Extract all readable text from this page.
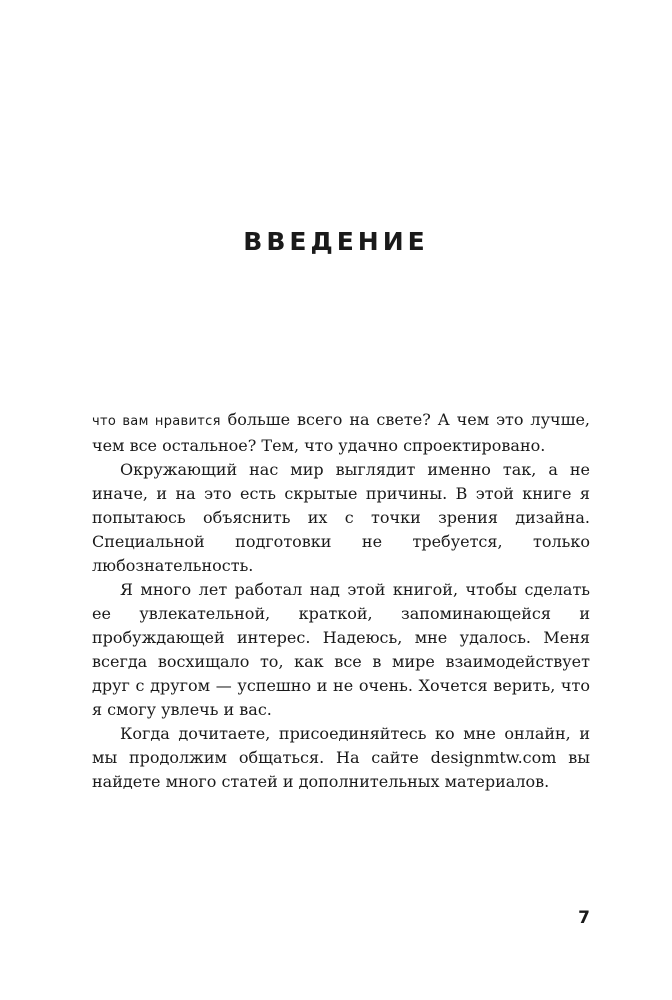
ВВЕДЕНИЕ

что вам нравится больше всего на свете? А чем это лучше, чем все остальное? Тем, что удачно спроектировано.

Окружающий нас мир выглядит именно так, а не иначе, и на это есть скрытые причины. В этой книге я попытаюсь объяснить их с точки зрения дизайна. Специальной подготовки не требуется, только любознательность.

Я много лет работал над этой книгой, чтобы сделать ее увлекательной, краткой, запоминающейся и пробуждающей интерес. Надеюсь, мне удалось. Меня всегда восхищало то, как все в мире взаимодействует друг с другом — успешно и не очень. Хочется верить, что я смогу увлечь и вас.

Когда дочитаете, присоединяйтесь ко мне онлайн, и мы продолжим общаться. На сайте designmtw.com вы найдете много статей и дополнительных материалов.

7
